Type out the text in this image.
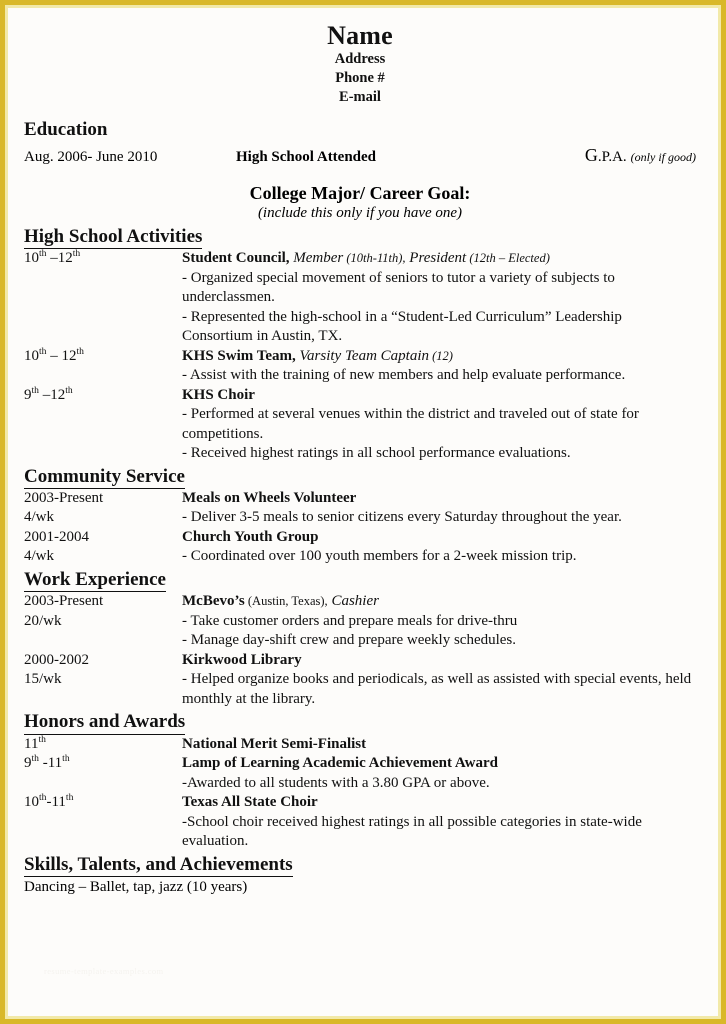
Name
Address
Phone #
E-mail
Education
Aug. 2006- June 2010	High School Attended	G.P.A. (only if good)
College Major/ Career Goal:
(include this only if you have one)
High School Activities
10th –12th	Student Council, Member (10th-11th), President (12th – Elected)
- Organized special movement of seniors to tutor a variety of subjects to underclassmen.
- Represented the high-school in a “Student-Led Curriculum” Leadership Consortium in Austin, TX.
10th – 12th	KHS Swim Team, Varsity Team Captain (12)
- Assist with the training of new members and help evaluate performance.
9th –12th	KHS Choir
- Performed at several venues within the district and traveled out of state for competitions.
- Received highest ratings in all school performance evaluations.
Community Service
2003-Present	Meals on Wheels Volunteer
4/wk	- Deliver 3-5 meals to senior citizens every Saturday throughout the year.
2001-2004	Church Youth Group
4/wk	- Coordinated over 100 youth members for a 2-week mission trip.
Work Experience
2003-Present	McBevo’s (Austin, Texas), Cashier
20/wk	- Take customer orders and prepare meals for drive-thru
- Manage day-shift crew and prepare weekly schedules.
2000-2002	Kirkwood Library
15/wk	- Helped organize books and periodicals, as well as assisted with special events, held monthly at the library.
Honors and Awards
11th	National Merit Semi-Finalist
9th -11th	Lamp of Learning Academic Achievement Award
-Awarded to all students with a 3.80 GPA or above.
10th-11th	Texas All State Choir
-School choir received highest ratings in all possible categories in state-wide evaluation.
Skills, Talents, and Achievements
Dancing – Ballet, tap, jazz (10 years)
resume-template-examples.com
